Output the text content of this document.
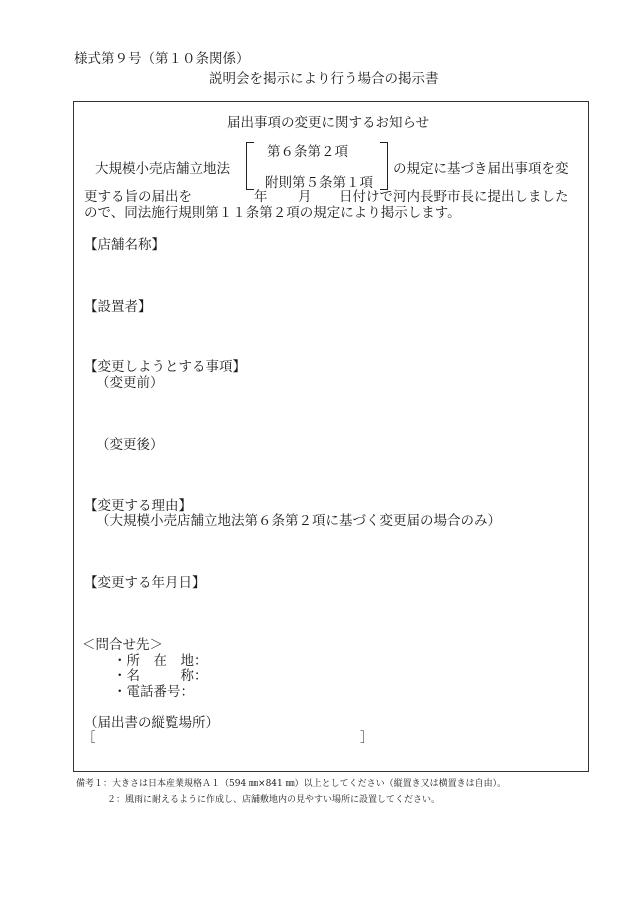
様式第９号（第１０条関係）
説明会を掲示により行う場合の掲示書
届出事項の変更に関するお知らせ
大規模小売店舗立地法
第６条第２項
附則第５条第１項
の規定に基づき届出事項を変
更する旨の届出を	年 月 日付けで河内長野市長に提出しました
ので、同法施行規則第１１条第２項の規定により掲示します。
【店舗名称】
【設置者】
【変更しようとする事項】
（変更前）
（変更後）
【変更する理由】
（大規模小売店舗立地法第６条第２項に基づく変更届の場合のみ）
【変更する年月日】
＜問合せ先＞
・所　在　地：
・名　　　称：
・電話番号：
（届出書の縦覧場所）
［	］
備考１：大きさは日本産業規格Ａ１（594 ㎜×841 ㎜）以上としてください（縦置き又は横置きは自由）。
２：風雨に耐えるように作成し、店舗敷地内の見やすい場所に設置してください。
